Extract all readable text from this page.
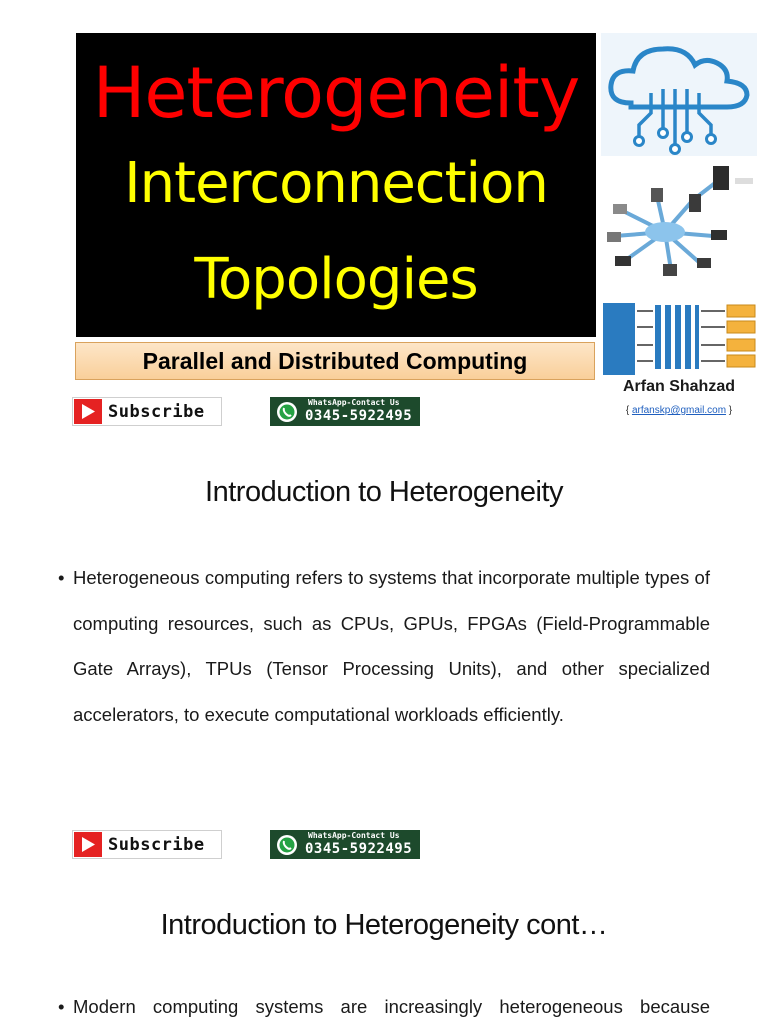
Heterogeneity
Interconnection
Topologies
Parallel and Distributed Computing
Arfan Shahzad
{ arfanskp@gmail.com }
Subscribe	WhatsApp-Contact Us
0345-5922495
Introduction to Heterogeneity
• Heterogeneous computing refers to systems that incorporate multiple types of computing resources, such as CPUs, GPUs, FPGAs (Field-Programmable Gate Arrays), TPUs (Tensor Processing Units), and other specialized accelerators, to execute computational workloads efficiently.
Subscribe	WhatsApp-Contact Us
0345-5922495
Introduction to Heterogeneity cont…
• Modern computing systems are increasingly heterogeneous because
